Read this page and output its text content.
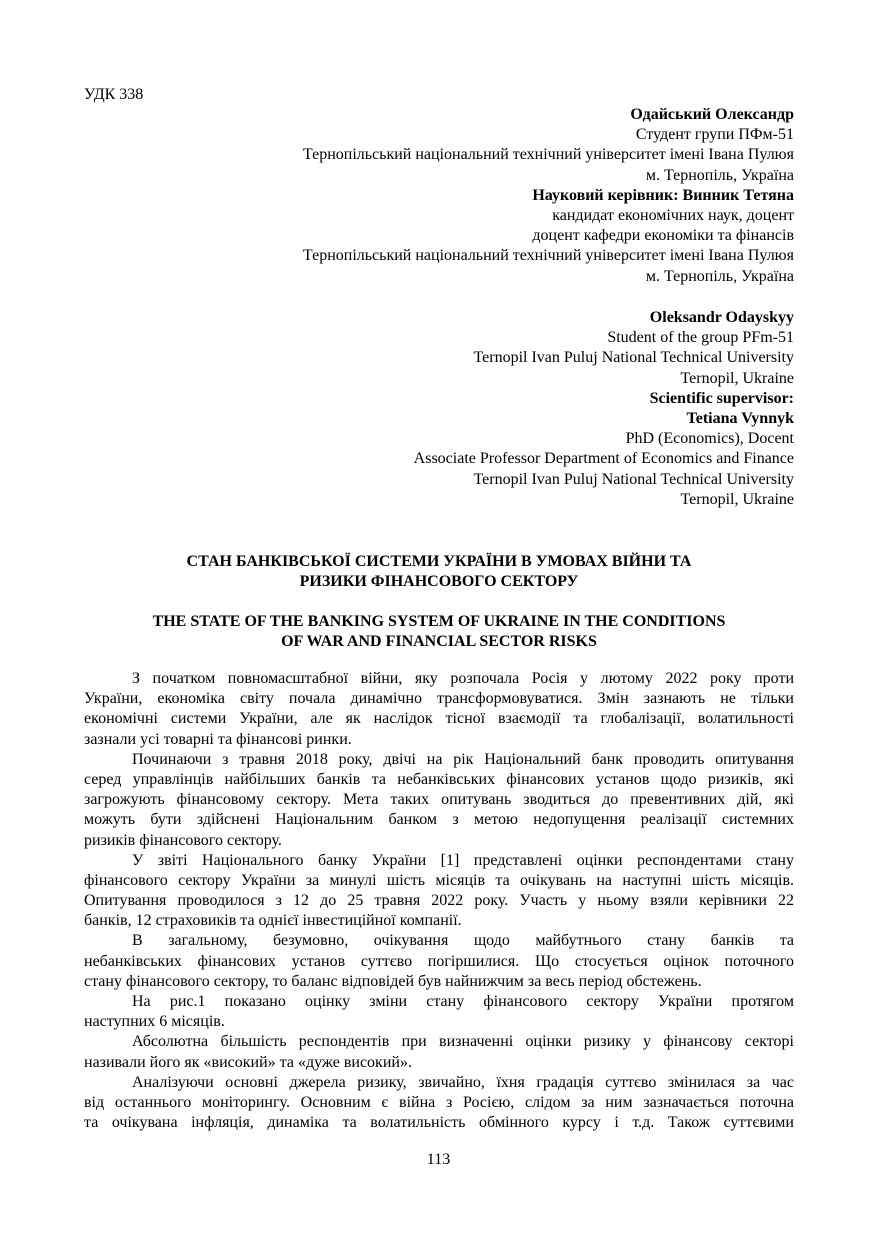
УДК 338
Одайський Олександр
Студент групи ПФм-51
Тернопільський національний технічний університет імені Івана Пулюя
м. Тернопіль, Україна
Науковий керівник: Винник Тетяна
кандидат економічних наук, доцент
доцент кафедри економіки та фінансів
Тернопільський національний технічний університет імені Івана Пулюя
м. Тернопіль, Україна
Oleksandr Odayskyy
Student of the group PFm-51
Ternopil Ivan Puluj National Technical University
Ternopil, Ukraine
Scientific supervisor:
Tetiana Vynnyk
PhD (Economics), Docent
Associate Professor Department of Economics and Finance
Ternopil Ivan Puluj National Technical University
Ternopil, Ukraine
СТАН БАНКІВСЬКОЇ СИСТЕМИ УКРАЇНИ В УМОВАХ ВІЙНИ ТА
РИЗИКИ ФІНАНСОВОГО СЕКТОРУ
THE STATE OF THE BANKING SYSTEM OF UKRAINE IN THE CONDITIONS
OF WAR AND FINANCIAL SECTOR RISKS
З початком повномасштабної війни, яку розпочала Росія у лютому 2022 року проти
України, економіка світу почала динамічно трансформовуватися. Змін зазнають не тільки
економічні системи України, але як наслідок тісної взаємодії та глобалізації, волатильності
зазнали усі товарні та фінансові ринки.
Починаючи з травня 2018 року, двічі на рік Національний банк проводить опитування
серед управлінців найбільших банків та небанківських фінансових установ щодо ризиків, які
загрожують фінансовому сектору. Мета таких опитувань зводиться до превентивних дій, які
можуть бути здійснені Національним банком з метою недопущення реалізації системних
ризиків фінансового сектору.
У звіті Національного банку України [1] представлені оцінки респондентами стану
фінансового сектору України за минулі шість місяців та очікувань на наступні шість місяців.
Опитування проводилося з 12 до 25 травня 2022 року. Участь у ньому взяли керівники 22
банків, 12 страховиків та однієї інвестиційної компанії.
В загальному, безумовно, очікування щодо майбутнього стану банків та
небанківських фінансових установ суттєво погіршилися. Що стосується оцінок поточного
стану фінансового сектору, то баланс відповідей був найнижчим за весь період обстежень.
На рис.1 показано оцінку зміни стану фінансового сектору України протягом
наступних 6 місяців.
Абсолютна більшість респондентів при визначенні оцінки ризику у фінансову секторі
називали його як «високий» та «дуже високий».
Аналізуючи основні джерела ризику, звичайно, їхня градація суттєво змінилася за час
від останнього моніторингу. Основним є війна з Росією, слідом за ним зазначається поточна
та очікувана інфляція, динаміка та волатильність обмінного курсу і т.д. Також суттєвими
113
